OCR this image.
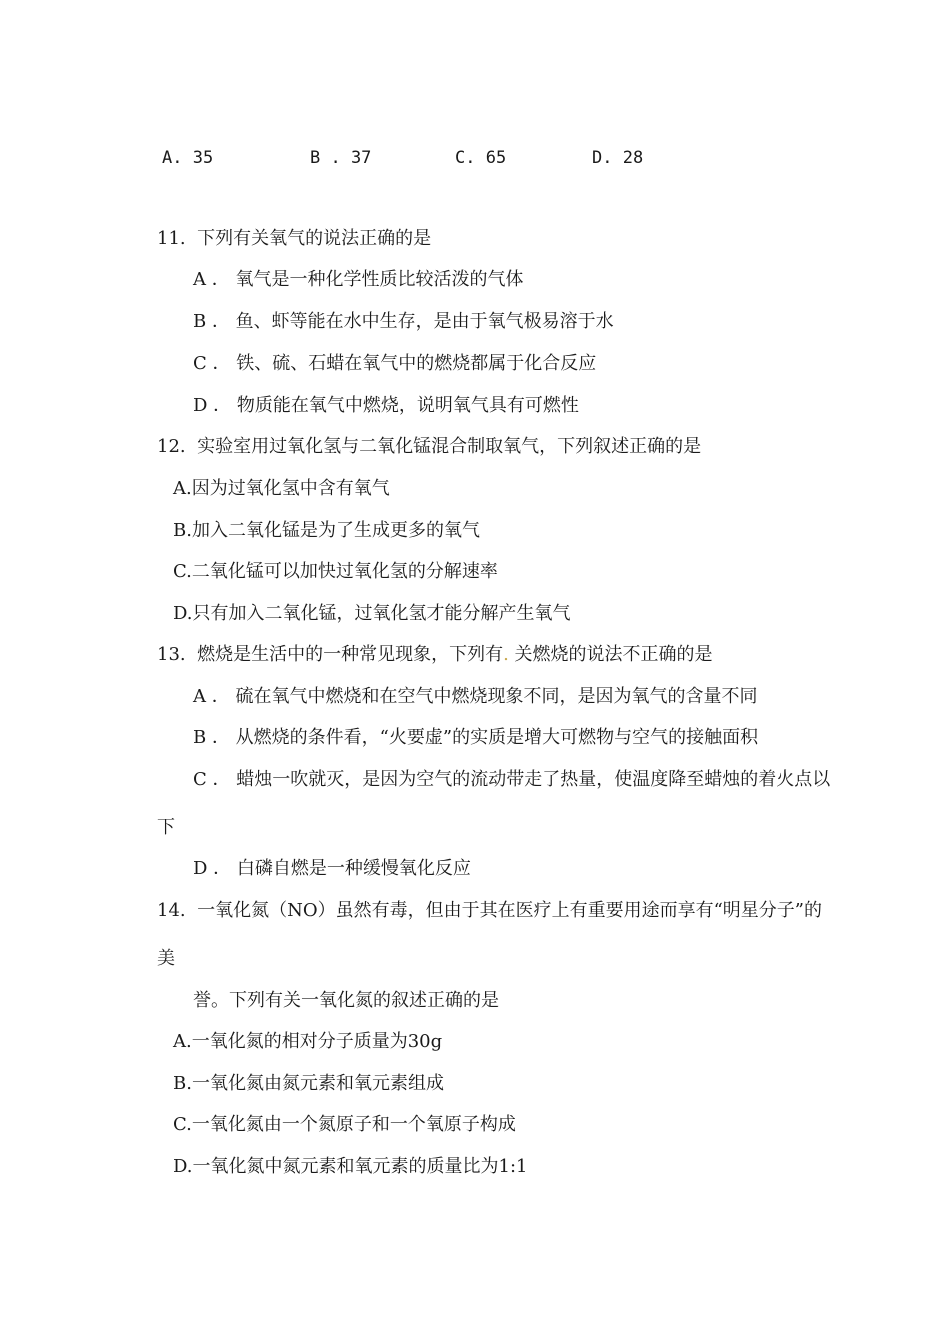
A. 35	B . 37	C. 65	D. 28
11.  下列有关氧气的说法正确的是
A ． 氧气是一种化学性质比较活泼的气体
B ． 鱼、虾等能在水中生存，是由于氧气极易溶于水
C ． 铁、硫、石蜡在氧气中的燃烧都属于化合反应
D ． 物质能在氧气中燃烧，说明氧气具有可燃性
12.  实验室用过氧化氢与二氧化锰混合制取氧气，下列叙述正确的是
A.因为过氧化氢中含有氧气
B.加入二氧化锰是为了生成更多的氧气
C.二氧化锰可以加快过氧化氢的分解速率
D.只有加入二氧化锰，过氧化氢才能分解产生氧气
13.  燃烧是生活中的一种常见现象，下列有. 关燃烧的说法不正确的是
A ． 硫在氧气中燃烧和在空气中燃烧现象不同，是因为氧气的含量不同
B ． 从燃烧的条件看，“火要虚”的实质是增大可燃物与空气的接触面积
C ． 蜡烛一吹就灭，是因为空气的流动带走了热量，使温度降至蜡烛的着火点以
下
D ． 白磷自燃是一种缓慢氧化反应
14.  一氧化氮（NO）虽然有毒，但由于其在医疗上有重要用途而享有“明星分子”的
美
誉。下列有关一氧化氮的叙述正确的是
A.一氧化氮的相对分子质量为30g
B.一氧化氮由氮元素和氧元素组成
C.一氧化氮由一个氮原子和一个氧原子构成
D.一氧化氮中氮元素和氧元素的质量比为1:1
